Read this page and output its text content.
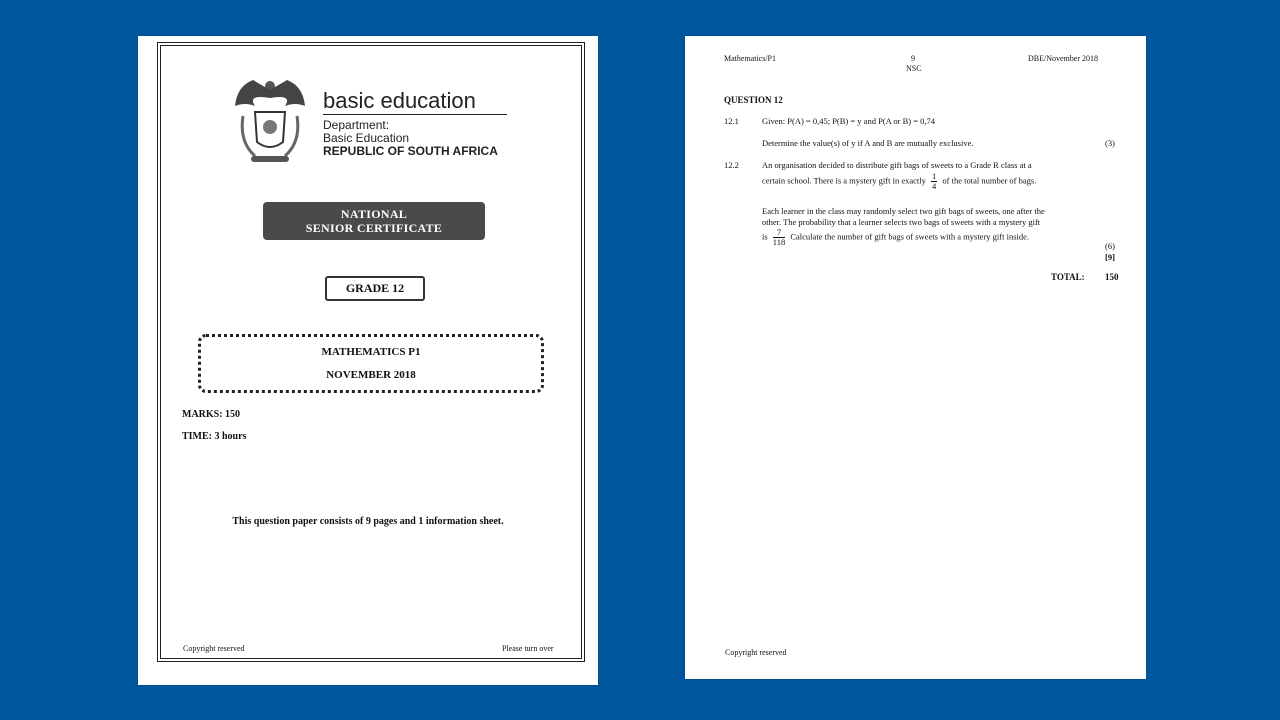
basic education
Department:
Basic Education
REPUBLIC OF SOUTH AFRICA
NATIONAL
SENIOR CERTIFICATE
GRADE 12
MATHEMATICS P1
NOVEMBER 2018
MARKS: 150
TIME: 3 hours
This question paper consists of 9 pages and 1 information sheet.
Copyright reserved	Please turn over
Mathematics/P1	9
NSC
DBE/November 2018
QUESTION 12
12.1	Given: P(A) = 0,45; P(B) = y and P(A or B) = 0,74
Determine the value(s) of y if A and B are mutually exclusive.	(3)
12.2	An organisation decided to distribute gift bags of sweets to a Grade R class at a
certain school. There is a mystery gift in exactly $\frac{1}{4}$ of the total number of bags.
Each learner in the class may randomly select two gift bags of sweets, one after the
other. The probability that a learner selects two bags of sweets with a mystery gift
is $\frac{7}{118}$ Calculate the number of gift bags of sweets with a mystery gift inside.
(6)
[9]
TOTAL: 150
Copyright reserved
